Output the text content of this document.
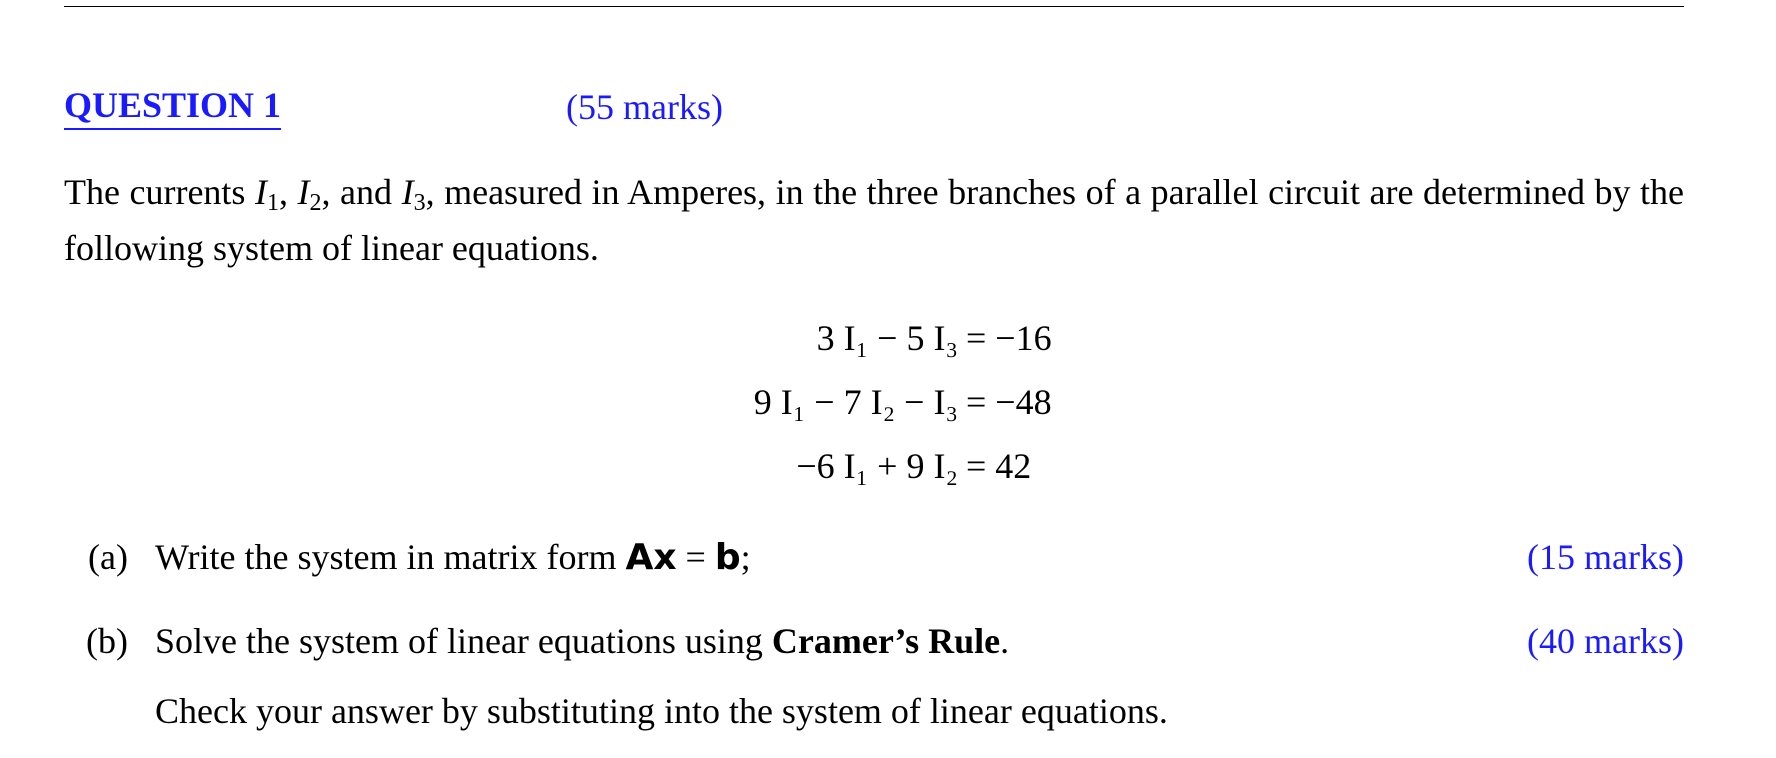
QUESTION 1	(55 marks)
The currents $I_1$, $I_2$, and $I_3$, measured in Amperes, in the three branches of a parallel circuit are determined by the following system of linear equations.
3 I₁ − 5 I₃ = −16
9 I₁ − 7 I₂ − I₃ = −48
−6 I₁ + 9 I₂ = 42
(a) Write the system in matrix form Ax = b;	(15 marks)
(b) Solve the system of linear equations using Cramer’s Rule.	(40 marks)
Check your answer by substituting into the system of linear equations.
